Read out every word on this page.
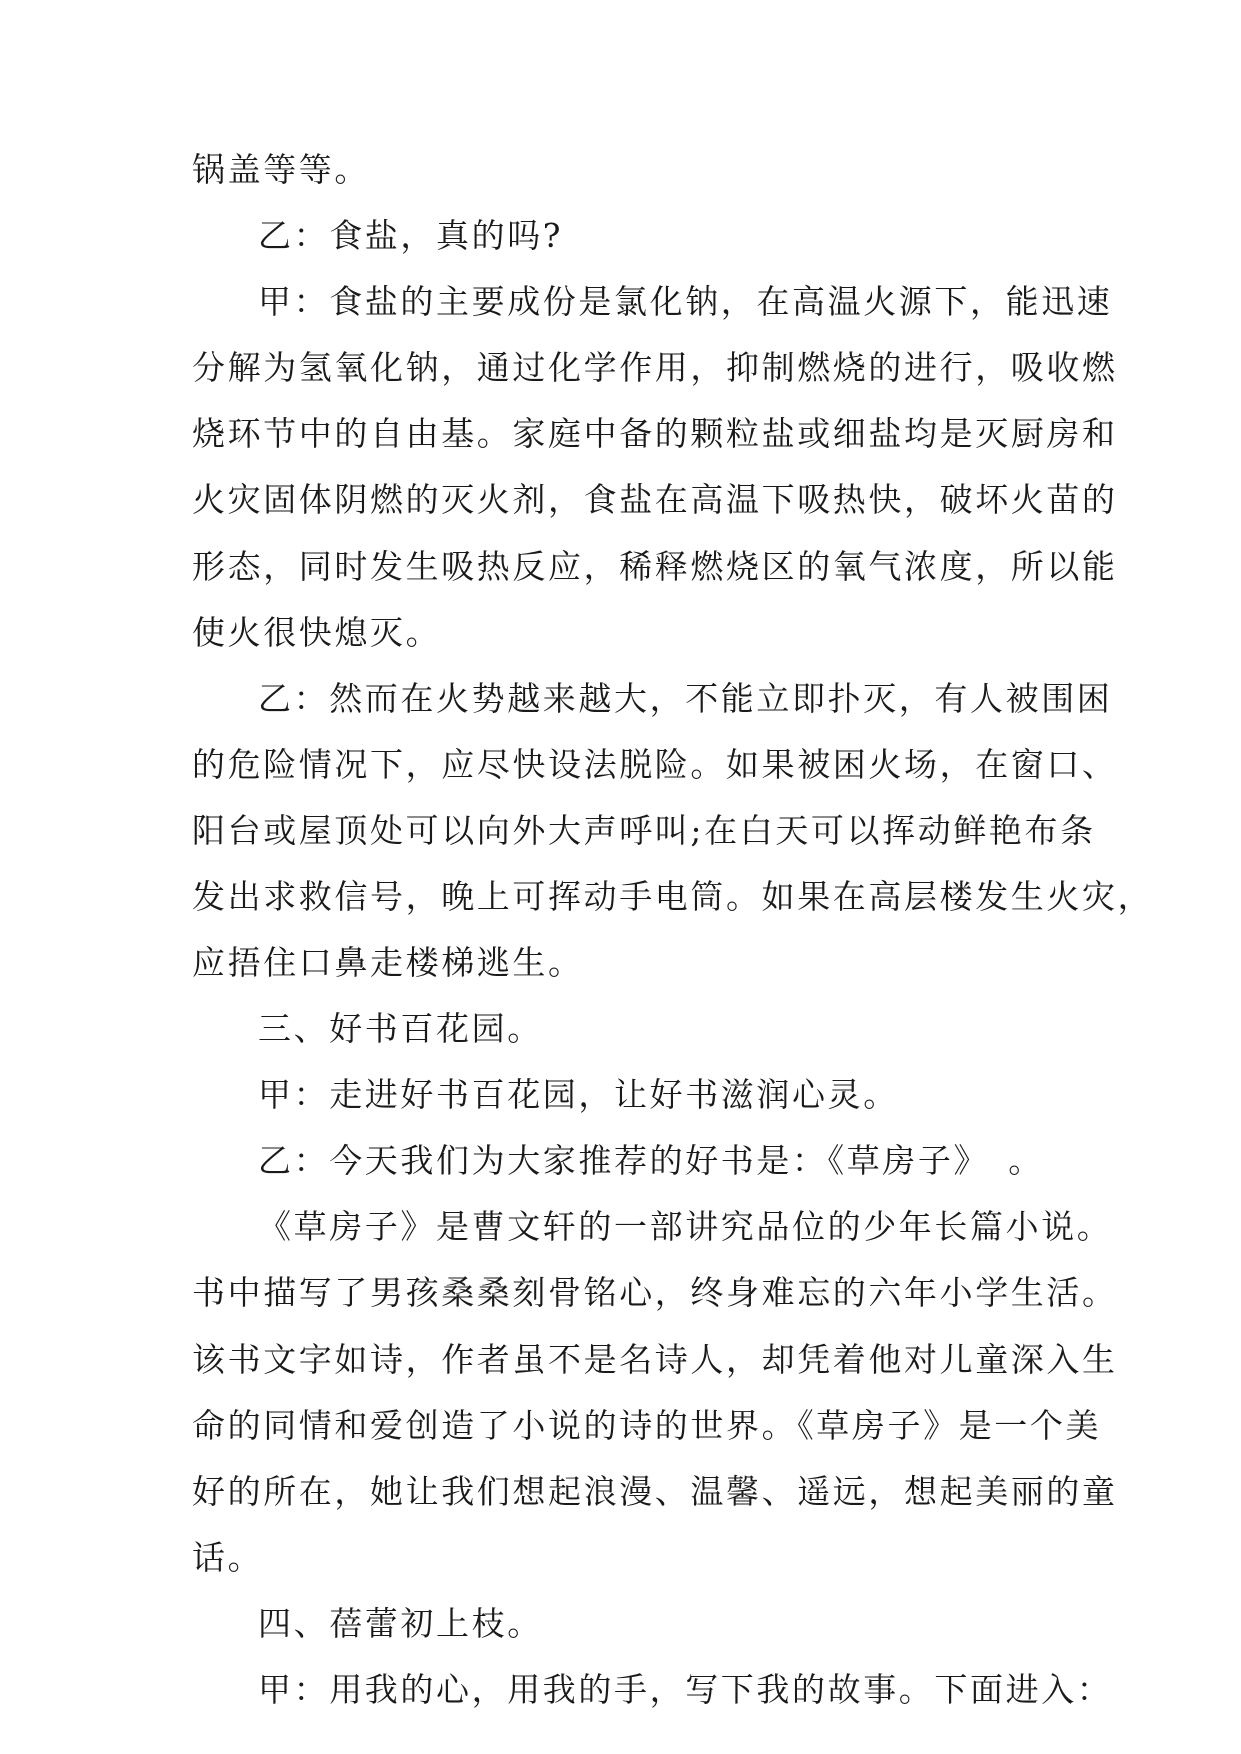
锅盖等等。
乙：食盐，真的吗?
甲：食盐的主要成份是氯化钠，在高温火源下，能迅速
分解为氢氧化钠，通过化学作用，抑制燃烧的进行，吸收燃
烧环节中的自由基。家庭中备的颗粒盐或细盐均是灭厨房和
火灾固体阴燃的灭火剂，食盐在高温下吸热快，破坏火苗的
形态，同时发生吸热反应，稀释燃烧区的氧气浓度，所以能
使火很快熄灭。
乙：然而在火势越来越大，不能立即扑灭，有人被围困
的危险情况下，应尽快设法脱险。如果被困火场，在窗口、
阳台或屋顶处可以向外大声呼叫;在白天可以挥动鲜艳布条
发出求救信号，晚上可挥动手电筒。如果在高层楼发生火灾，
应捂住口鼻走楼梯逃生。
三、好书百花园。
甲：走进好书百花园，让好书滋润心灵。
乙：今天我们为大家推荐的好书是：《草房子》　。
《草房子》是曹文轩的一部讲究品位的少年长篇小说。
书中描写了男孩桑桑刻骨铭心，终身难忘的六年小学生活。
该书文字如诗，作者虽不是名诗人，却凭着他对儿童深入生
命的同情和爱创造了小说的诗的世界。《草房子》是一个美
好的所在，她让我们想起浪漫、温馨、遥远，想起美丽的童
话。
四、蓓蕾初上枝。
甲：用我的心，用我的手，写下我的故事。下面进入：
